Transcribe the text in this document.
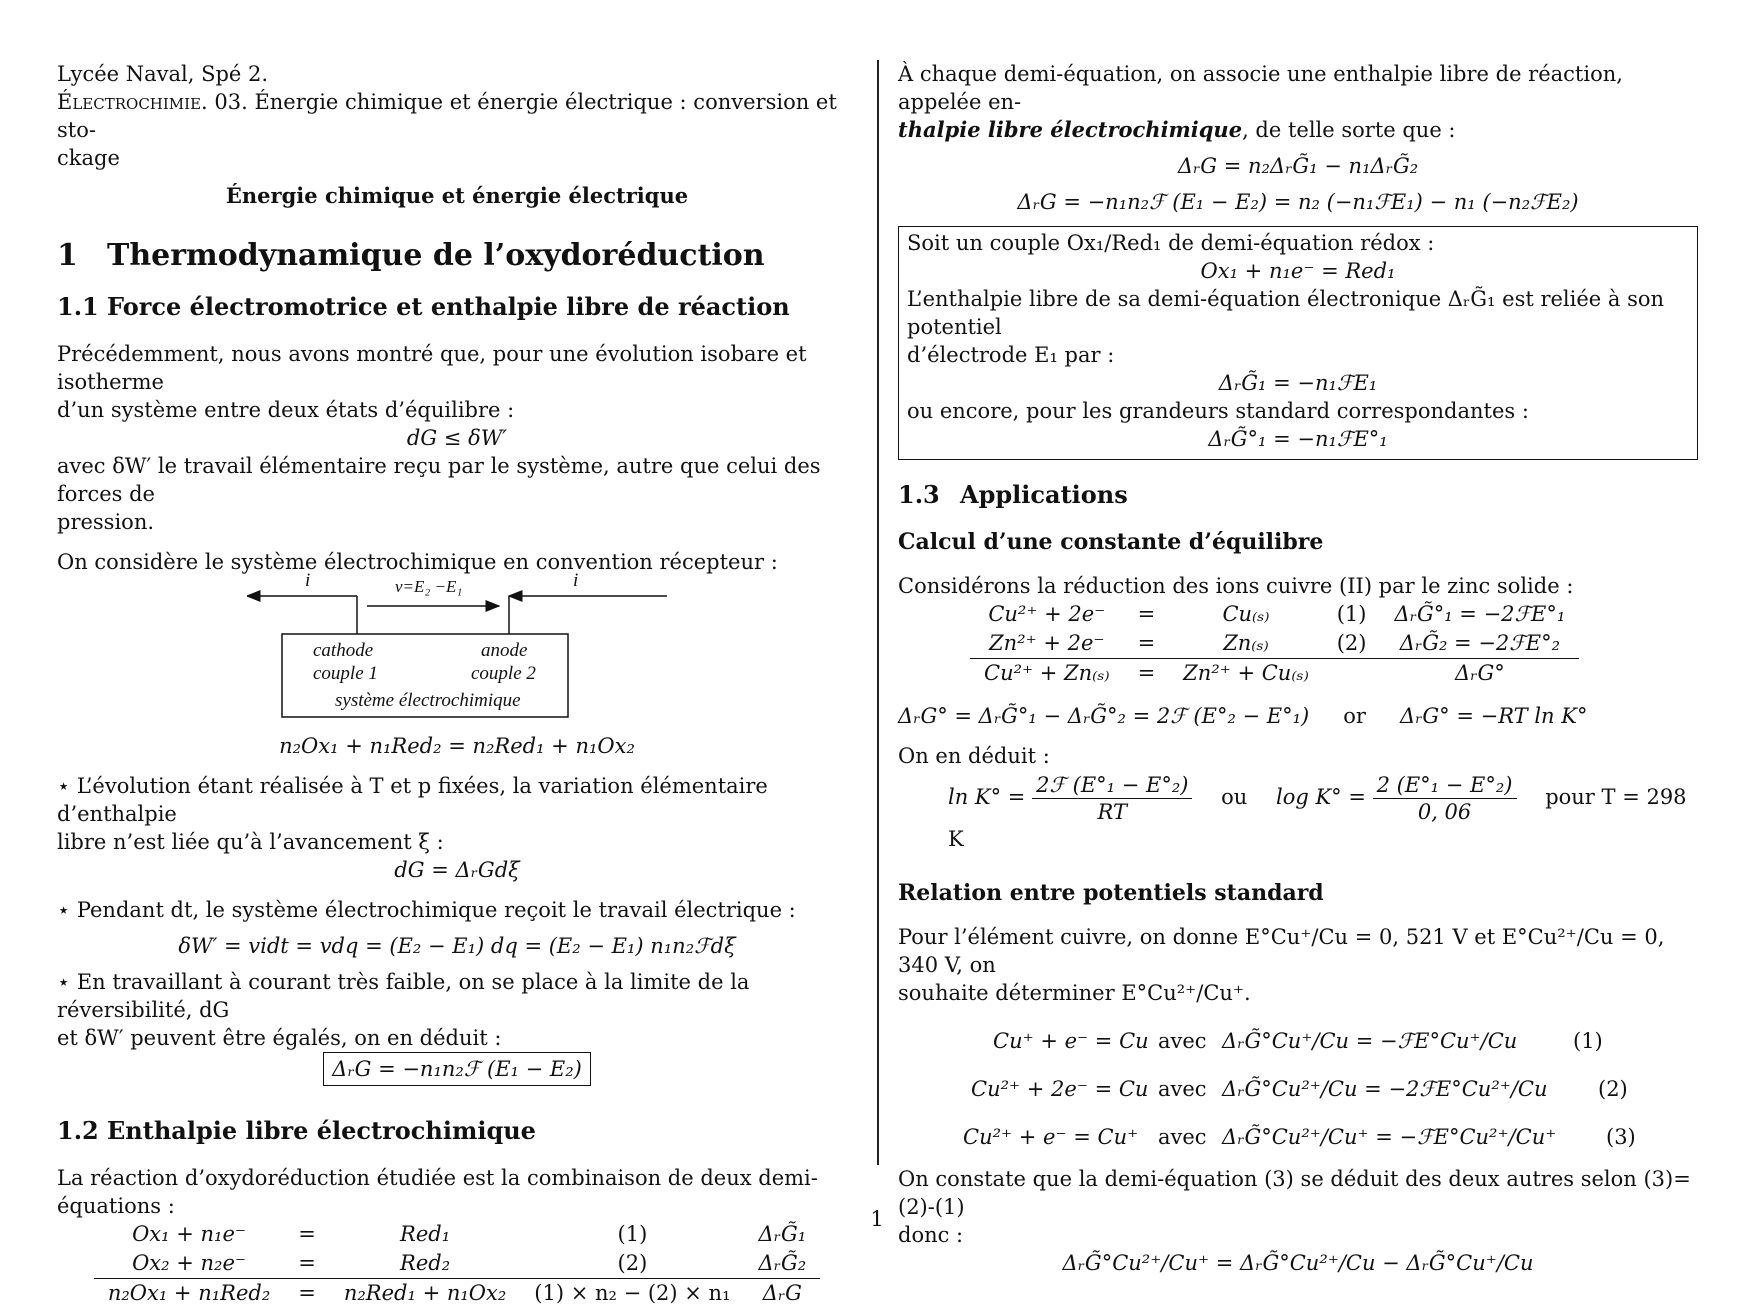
Lycée Naval, Spé 2.

Électrochimie. 03. Énergie chimique et énergie électrique : conversion et sto-

ckage

Énergie chimique et énergie électrique

1 Thermodynamique de l’oxydoréduction
1.1 Force électromotrice et enthalpie libre de réaction

Précédemment, nous avons montré que, pour une évolution isobare et isotherme

d’un système entre deux états d’équilibre :

dG ≤ δW′

avec δW′ le travail élémentaire reçu par le système, autre que celui des forces de

pression.

On considère le système électrochimique en convention récepteur :

i	i
v=E₂ −E₁
cathode
couple 1
anode
couple 2
système électrochimique

n₂Ox₁ + n₁Red₂ = n₂Red₁ + n₁Ox₂

⋆ L’évolution étant réalisée à T et p fixées, la variation élémentaire d’enthalpie

libre n’est liée qu’à l’avancement ξ :

dG = ΔᵣGdξ

⋆ Pendant dt, le système électrochimique reçoit le travail électrique :

δW′ = vidt = vdq = (E₂ − E₁) dq = (E₂ − E₁) n₁n₂ℱdξ

⋆ En travaillant à courant très faible, on se place à la limite de la réversibilité, dG

et δW′ peuvent être égalés, on en déduit :

ΔᵣG = −n₁n₂ℱ (E₁ − E₂)

1.2 Enthalpie libre électrochimique

La réaction d’oxydoréduction étudiée est la combinaison de deux demi-équations :

Ox₁ + n₁e⁻	=	Red₁	(1)	ΔᵣG̃₁
Ox₂ + n₂e⁻	=	Red₂	(2)	ΔᵣG̃₂
n₂Ox₁ + n₁Red₂	=	n₂Red₁ + n₁Ox₂	(1) × n₂ − (2) × n₁	ΔᵣG

À chaque demi-équation, on associe une enthalpie libre de réaction, appelée en-

thalpie libre électrochimique, de telle sorte que :

ΔᵣG = n₂ΔᵣG̃₁ − n₁ΔᵣG̃₂

ΔᵣG = −n₁n₂ℱ (E₁ − E₂) = n₂ (−n₁ℱE₁) − n₁ (−n₂ℱE₂)

Soit un couple Ox₁/Red₁ de demi-équation rédox :

Ox₁ + n₁e⁻ = Red₁

L’enthalpie libre de sa demi-équation électronique ΔᵣG̃₁ est reliée à son potentiel

d’électrode E₁ par :

ΔᵣG̃₁ = −n₁ℱE₁

ou encore, pour les grandeurs standard correspondantes :

ΔᵣG̃°₁ = −n₁ℱE°₁

1.3 Applications
Calcul d’une constante d’équilibre

Considérons la réduction des ions cuivre (II) par le zinc solide :

Cu²⁺ + 2e⁻	=	Cu₍ₛ₎	(1)	ΔᵣG̃°₁ = −2ℱE°₁
Zn²⁺ + 2e⁻	=	Zn₍ₛ₎	(2)	ΔᵣG̃₂ = −2ℱE°₂
Cu²⁺ + Zn₍ₛ₎	=	Zn²⁺ + Cu₍ₛ₎		ΔᵣG°

ΔᵣG° = ΔᵣG̃°₁ − ΔᵣG̃°₂ = 2ℱ (E°₂ − E°₁) or ΔᵣG° = −RT ln K°

On en déduit :

$\ln K^\circ = \frac{\text{2ℱ (E°₁ − E°₂)}}{RT}$ ou $\log K^\circ = \frac{\text{2 (E°₁ − E°₂)}}{0, 06}$ pour T = 298 K

Relation entre potentiels standard

Pour l’élément cuivre, on donne E°Cu⁺/Cu = 0, 521 V et E°Cu²⁺/Cu = 0, 340 V, on

souhaite déterminer E°Cu²⁺/Cu⁺.

Cu⁺ + e⁻ = Cu avec ΔᵣG̃°Cu⁺/Cu = −ℱE°Cu⁺/Cu	(1)
Cu²⁺ + 2e⁻ = Cu avec ΔᵣG̃°Cu²⁺/Cu = −2ℱE°Cu²⁺/Cu (2)
Cu²⁺ + e⁻ = Cu⁺ avec ΔᵣG̃°Cu²⁺/Cu⁺ = −ℱE°Cu²⁺/Cu⁺ (3)

On constate que la demi-équation (3) se déduit des deux autres selon (3)=(2)-(1)

donc :

ΔᵣG̃°Cu²⁺/Cu⁺ = ΔᵣG̃°Cu²⁺/Cu − ΔᵣG̃°Cu⁺/Cu

1
